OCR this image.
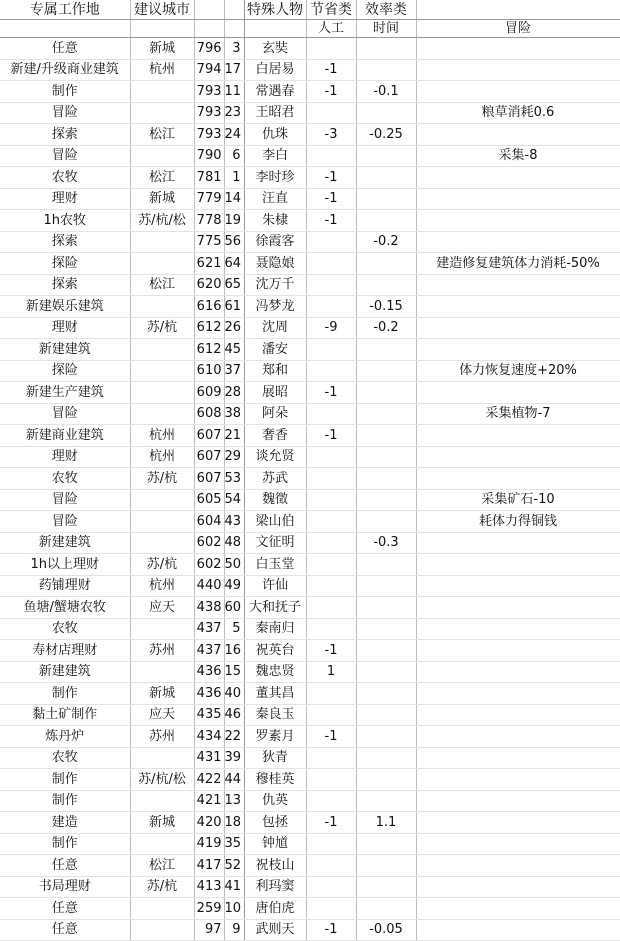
专属工作地	建议城市			特殊人物	节省类	效率类	
					人工	时间	冒险
任意	新城	796	3	玄奘			
新建/升级商业建筑	杭州	794	17	白居易	-1		
制作		793	11	常遇春	-1	-0.1	
冒险		793	23	王昭君			粮草消耗0.6
探索	松江	793	24	仇珠	-3	-0.25	
冒险		790	6	李白			采集-8
农牧	松江	781	1	李时珍	-1		
理财	新城	779	14	汪直	-1		
1h农牧	苏/杭/松	778	19	朱棣	-1		
探索		775	56	徐霞客		-0.2	
探险		621	64	聂隐娘			建造修复建筑体力消耗-50%
探索	松江	620	65	沈万千			
新建娱乐建筑		616	61	冯梦龙		-0.15	
理财	苏/杭	612	26	沈周	-9	-0.2	
新建建筑		612	45	潘安			
探险		610	37	郑和			体力恢复速度+20%
新建生产建筑		609	28	展昭	-1		
冒险		608	38	阿朵			采集植物-7
新建商业建筑	杭州	607	21	奢香	-1		
理财	杭州	607	29	谈允贤			
农牧	苏/杭	607	53	苏武			
冒险		605	54	魏徵			采集矿石-10
冒险		604	43	梁山伯			耗体力得铜钱
新建建筑		602	48	文征明		-0.3	
1h以上理财	苏/杭	602	50	白玉堂			
药铺理财	杭州	440	49	许仙			
鱼塘/蟹塘农牧	应天	438	60	大和抚子			
农牧		437	5	秦南归			
寿材店理财	苏州	437	16	祝英台	-1		
新建建筑		436	15	魏忠贤	1		
制作	新城	436	40	董其昌			
黏土矿制作	应天	435	46	秦良玉			
炼丹炉	苏州	434	22	罗素月	-1		
农牧		431	39	狄青			
制作	苏/杭/松	422	44	穆桂英			
制作		421	13	仇英			
建造	新城	420	18	包拯	-1	1.1	
制作		419	35	钟馗			
任意	松江	417	52	祝枝山			
书局理财	苏/杭	413	41	利玛窦			
任意		259	10	唐伯虎			
任意		97	9	武则天	-1	-0.05	
